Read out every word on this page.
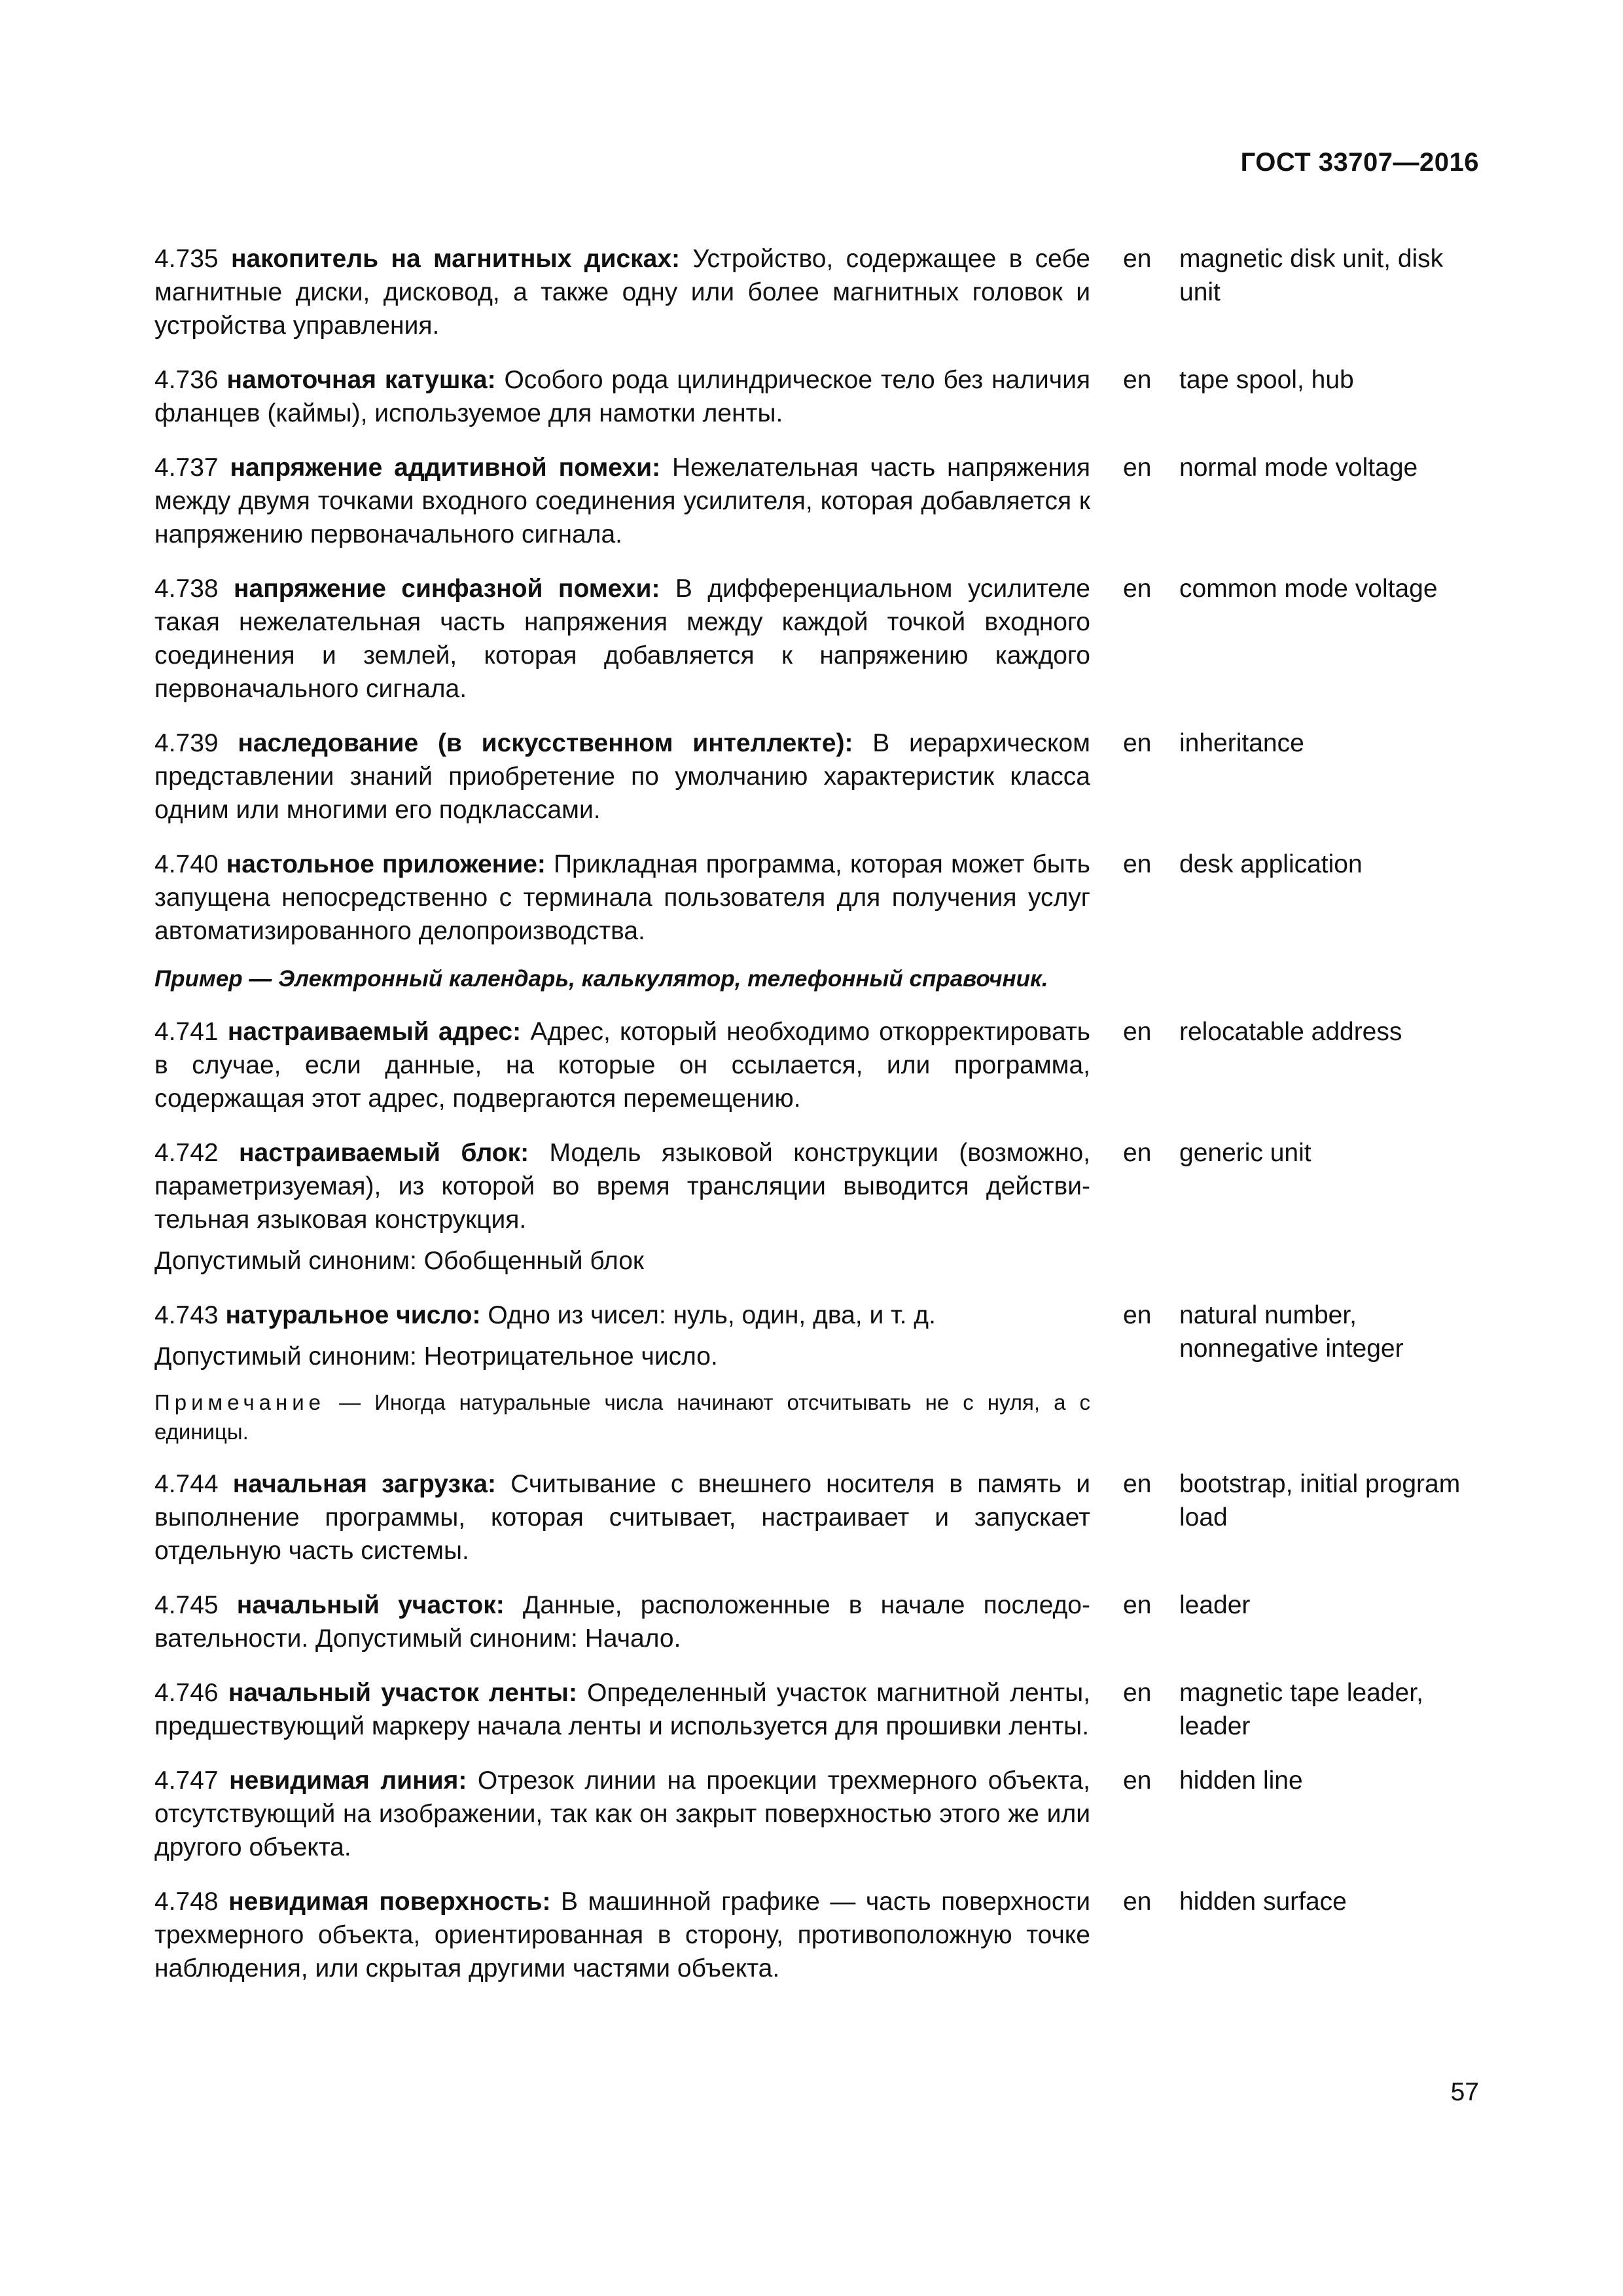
ГОСТ 33707—2016

4.735 накопитель на магнитных дисках: Устройство, содержащее в себе магнитные диски, дисковод, а также одну или более магнитных головок и устройства управления.

en magnetic disk unit, disk unit

4.736 намоточная катушка: Особого рода цилиндрическое тело без наличия фланцев (каймы), используемое для намотки ленты.

en tape spool, hub

4.737 напряжение аддитивной помехи: Нежелательная часть напряжения между двумя точками входного соединения усилителя, которая добавляется к напряжению первоначального сигнала.

en normal mode voltage

4.738 напряжение синфазной помехи: В дифференциальном усилителе такая нежелательная часть напряжения между каждой точкой входного соединения и землей, которая добавляется к напряжению каждого первоначального сигнала.

en common mode voltage

4.739 наследование (в искусственном интеллекте): В иерархическом представлении знаний приобретение по умолчанию характеристик класса одним или многими его подклассами.

en inheritance

4.740 настольное приложение: Прикладная программа, которая может быть запущена непосредственно с терминала пользователя для получения услуг автоматизированного делопроизводства.

Пример — Электронный календарь, калькулятор, телефонный справочник.

en desk application

4.741 настраиваемый адрес: Адрес, который необходимо откорректировать в случае, если данные, на которые он ссылается, или программа, содержащая этот адрес, подвергаются перемещению.

en relocatable address

4.742 настраиваемый блок: Модель языковой конструкции (возможно, параметризуемая), из которой во время трансляции выводится действительная языковая конструкция.

Допустимый синоним: Обобщенный блок

en generic unit

4.743 натуральное число: Одно из чисел: нуль, один, два, и т. д.

Допустимый синоним: Неотрицательное число.

Примечание — Иногда натуральные числа начинают отсчитывать не с нуля, а с единицы.

en natural number, nonnegative integer

4.744 начальная загрузка: Считывание с внешнего носителя в память и выполнение программы, которая считывает, настраивает и запускает отдельную часть системы.

en bootstrap, initial program load

4.745 начальный участок: Данные, расположенные в начале последовательности. Допустимый синоним: Начало.

en leader

4.746 начальный участок ленты: Определенный участок магнитной ленты, предшествующий маркеру начала ленты и используется для прошивки ленты.

en magnetic tape leader, leader

4.747 невидимая линия: Отрезок линии на проекции трехмерного объекта, отсутствующий на изображении, так как он закрыт поверхностью этого же или другого объекта.

en hidden line

4.748 невидимая поверхность: В машинной графике — часть поверхности трехмерного объекта, ориентированная в сторону, противоположную точке наблюдения, или скрытая другими частями объекта.

en hidden surface
57
